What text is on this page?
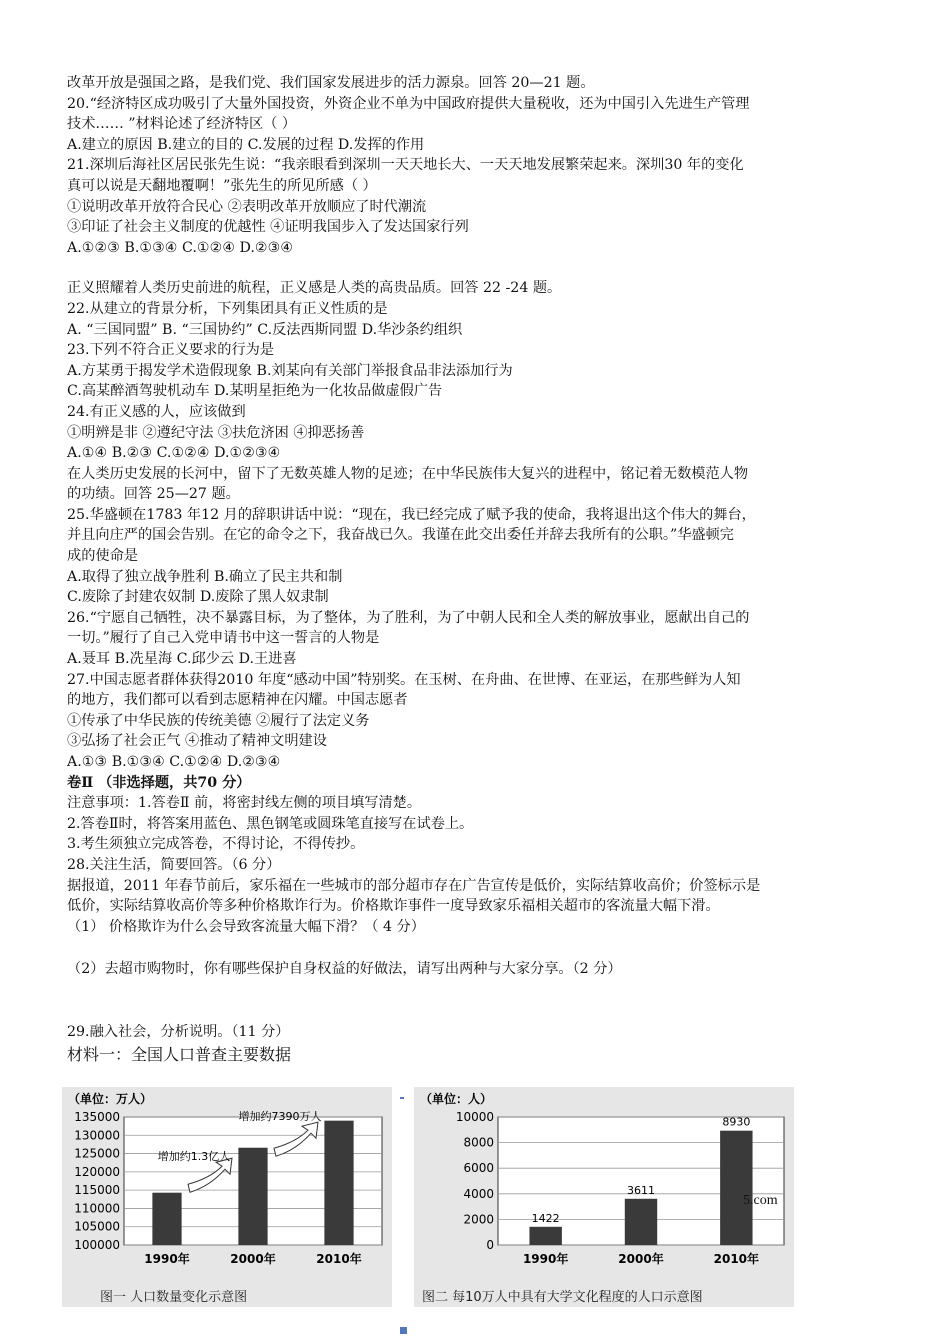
改革开放是强国之路，是我们党、我们国家发展进步的活力源泉。回答 20—21 题。
20.“经济特区成功吸引了大量外国投资，外资企业不单为中国政府提供大量税收，还为中国引入先进生产管理
技术…… ”材料论述了经济特区（ ）
A.建立的原因 B.建立的目的 C.发展的过程 D.发挥的作用
21.深圳后海社区居民张先生说：“我亲眼看到深圳一天天地长大、一天天地发展繁荣起来。深圳30 年的变化
真可以说是天翻地覆啊！”张先生的所见所感（ ）
①说明改革开放符合民心 ②表明改革开放顺应了时代潮流
③印证了社会主义制度的优越性 ④证明我国步入了发达国家行列
A.①②③ B.①③④ C.①②④ D.②③④
正义照耀着人类历史前进的航程，正义感是人类的高贵品质。回答 22 -24 题。
22.从建立的背景分析，下列集团具有正义性质的是
A. “三国同盟” B. “三国协约” C.反法西斯同盟 D.华沙条约组织
23.下列不符合正义要求的行为是
A.方某勇于揭发学术造假现象 B.刘某向有关部门举报食品非法添加行为
C.高某醉酒驾驶机动车 D.某明星拒绝为一化妆品做虚假广告
24.有正义感的人，应该做到
①明辨是非 ②遵纪守法 ③扶危济困 ④抑恶扬善
A.①④ B.②③ C.①②④ D.①②③④
在人类历史发展的长河中，留下了无数英雄人物的足迹；在中华民族伟大复兴的进程中，铭记着无数模范人物
的功绩。回答 25—27 题。
25.华盛顿在1783 年12 月的辞职讲话中说：“现在，我已经完成了赋予我的使命，我将退出这个伟大的舞台，
并且向庄严的国会告别。在它的命令之下，我奋战已久。我谨在此交出委任并辞去我所有的公职。”华盛顿完
成的使命是
A.取得了独立战争胜利 B.确立了民主共和制
C.废除了封建农奴制 D.废除了黑人奴隶制
26.“宁愿自己牺牲，决不暴露目标，为了整体，为了胜利，为了中朝人民和全人类的解放事业，愿献出自己的
一切。”履行了自己入党申请书中这一誓言的人物是
A.聂耳 B.冼星海 C.邱少云 D.王进喜
27.中国志愿者群体获得2010 年度“感动中国”特别奖。在玉树、在舟曲、在世博、在亚运，在那些鲜为人知
的地方，我们都可以看到志愿精神在闪耀。中国志愿者
①传承了中华民族的传统美德 ②履行了法定义务
③弘扬了社会正气 ④推动了精神文明建设
A.①③ B.①③④ C.①②④ D.②③④
卷Ⅱ （非选择题，共70 分）
注意事项：1.答卷Ⅱ 前，将密封线左侧的项目填写清楚。
2.答卷Ⅱ时，将答案用蓝色、黑色钢笔或圆珠笔直接写在试卷上。
3.考生须独立完成答卷，不得讨论，不得传抄。
28.关注生活，简要回答。（6 分）
据报道，2011 年春节前后，家乐福在一些城市的部分超市存在广告宣传是低价，实际结算收高价；价签标示是
低价，实际结算收高价等多种价格欺诈行为。价格欺诈事件一度导致家乐福相关超市的客流量大幅下滑。
（1） 价格欺诈为什么会导致客流量大幅下滑？（ 4 分）
（2）去超市购物时，你有哪些保护自身权益的好做法，请写出两种与大家分享。（2 分）
29.融入社会，分析说明。（11 分）
材料一：全国人口普查主要数据
（单位：万人）
100000
105000
110000
115000
120000
125000
130000
135000
1990年	2000年	2010年
增加约1.3亿人
增加约7390万人
（单位：人）
0
2000
4000
6000
8000
10000
1990年
1422
2000年
3611
2010年
8930
图一 人口数量变化示意图	图二 每10万人中具有大学文化程度的人口示意图
5.com
